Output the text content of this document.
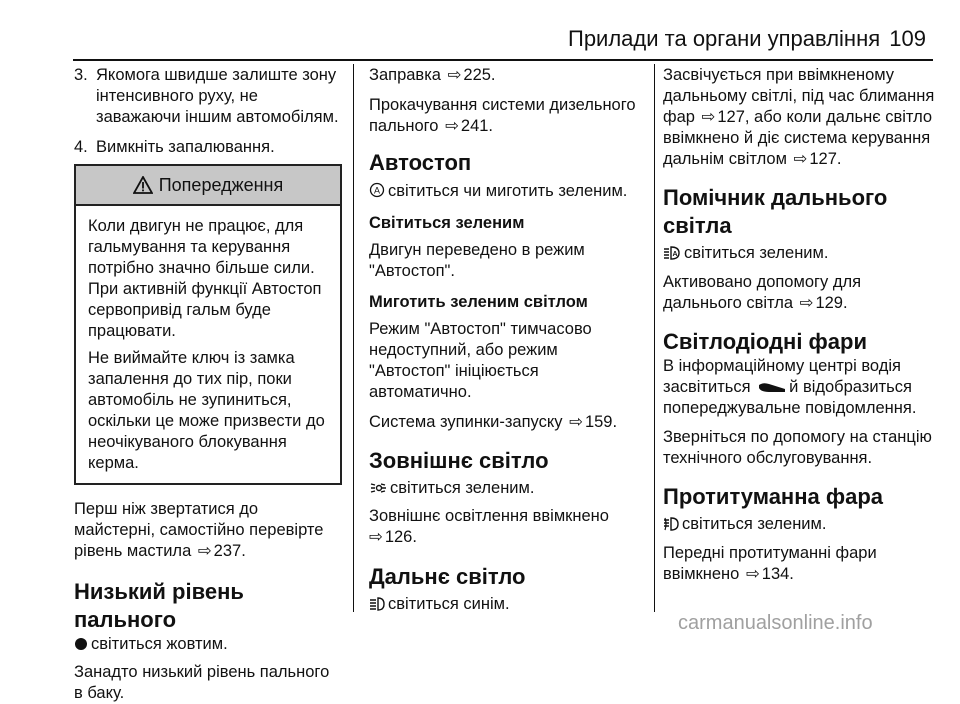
Прилади та органи управління 109
3. Якомога швидше залиште зону інтенсивного руху, не заважаючи іншим автомобілям.
4. Вимкніть запалювання.
Попередження

Коли двигун не працює, для гальмування та керування потрібно значно більше сили. При активній функції Автостоп сервопривід гальм буде працювати.

Не виймайте ключ із замка запалення до тих пір, поки автомобіль не зупиниться, оскільки це може призвести до неочікуваного блокування керма.

Перш ніж звертатися до майстерні, самостійно перевірте рівень мастила ⇨ 237.

Низький рівень пального

світиться жовтим.

Занадто низький рівень пального в баку.

Заправка ⇨ 225.

Прокачування системи дизельного пального ⇨ 241.

Автостоп

A світиться чи миготить зеленим.

Світиться зеленим

Двигун переведено в режим "Автостоп".

Миготить зеленим світлом

Режим "Автостоп" тимчасово недоступний, або режим "Автостоп" ініціюється автоматично.

Система зупинки-запуску ⇨ 159.

Зовнішнє світло

світиться зеленим.

Зовнішнє освітлення ввімкнено
⇨ 126.

Дальнє світло

світиться синім.

Засвічується при ввімкненому дальньому світлі, під час блимання фар ⇨ 127, або коли дальнє світло ввімкнено й діє система керування дальнім світлом ⇨ 127.

Помічник дальнього світла

A світиться зеленим.

Активовано допомогу для дальнього світла ⇨ 129.

Світлодіодні фари

В інформаційному центрі водія засвітиться й відобразиться попереджувальне повідомлення.

Зверніться по допомогу на станцію технічного обслуговування.

Протитуманна фара

світиться зеленим.

Передні протитуманні фари ввімкнено ⇨ 134.

carmanualsonline.info
